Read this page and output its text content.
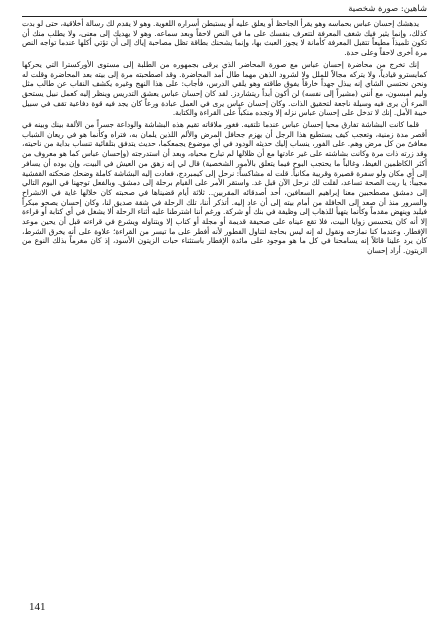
شاهين: صورة شخصية

يدهشك إحسان عباس بحماسه وهو يقرأ الجاحظ أو يعلق عليه أو يستبطن أسراره اللغوية. وهو لا يقدم لك رسالة أخلاقية، حتى لو بدت كذلك، وإنما يثير فيك شغف المعرفة لتتعرف بنفسك على ما في النص لاحقاً وبعد سماعه. وهو لا يهديك إلى معنى، ولا يطلب منك أن تكون تلميذاً مطيعاً تتقبل المعرفة كأمانة لا يجوز العبث بها، وإنما يشحنك بطاقة تظل مصاحبة إياك إلى أن تؤتي أكلها عندما تواجه النص مرة أخرى لاحقاً وعلى حدة.

إنك تخرج من محاضرة إحسان عباس مع صورة المحاضر الذي يرقى بجمهوره من الطلبة إلى مستوى الأوركسترا التي يحركها كمايسترو قيادياً، ولا يتركه مجالاً للملل ولا لشرود الذهن مهما طال أمد المحاضرة. وقد اصطحبته مرة إلى بيته بعد المحاضرة وقلت له ونحن نحتسي الشاي إنه يبذل جهداً خارقاً يفوق طاقته وهو يلقي الدرس، فأجاب: على هذا النهج وغيره يكشف النقاب عن طالب مثل وليم امبسون، مع أنني (مشيراً إلى نفسه) لن أكون أبداً ريتشاردز. لقد كان إحسان عباس يعشق التدريس وينظر إليه كعمل نبيل يستحق المرء أن يرى فيه وسيلة ناجعة لتحقيق الذات. وكان إحسان عباس يرى في العمل عبادة ورعاً كان يجد فيه قوة دفاعية تقف في سبيل خيبة الأمل. إنك لا تدخل على إحسان عباس نزله إلا وتجده منكباً على القراءة والكتابة.

قلما كانت البشاشة تفارق محيا إحسان عباس عندما تلتقيه. فغور ملاقاته تقيم هذه البشاشة والوداعة جسراً من الألفة بينك وبينه في أقصر مدة زمنية، وتعجب كيف يستطيع هذا الرجل أن يهزم جحافل المرض والألم اللذين يلمان به، فتراه وكأنما هو في ريعان الشباب معافىً من كل مرض وهم. على الفور، ينساب إليك حديثه الودود في أي موضوع يجمعكما، حديث يتدفق بتلقائية تنساب بداية من ناحيته، وقد زرته ذات مرة وكانت بشاشته على غير عادتها مع أن ظلالها لم تبارح محياه، وبعد أن استدرجته (وإحسان عباس كما هو معروف من أكثر الكاظمين الغيظ، وغالباً ما يحتجب البوح فيما يتعلق بالأمور الشخصية) قال لي إنه زهق من العيش في البيت، وإن بوده أن يسافر إلى أي مكان ولو سفرة قصيرة وقريبة مكانياً. قلت له مشاكساً: نرحل إلى كيمبردج، فعادت إليه البشاشة كاملة وضحك ضحكته القفشية مجيباً: يا ريت الصحة تساعد، لقلت لك نرحل الآن قبل غد. واستقر الأمر على القيام برحلة إلى دمشق. وبالفعل توجهنا في اليوم التالي إلى دمشق مصطحبين معنا إبراهيم السعافين، أحد أصدقائه المقربين.. ثلاثة أيام قضيناها في صحبته كان خلالها غاية في الانشراح والسرور منذ أن صعد إلى الحافلة من أمام بيته إلى أن عاد إليه. أتذكر أننا، تلك الرحلة في شقة صديق لنا، وكان إحسان يصحو مبكراً فيلبد وينهض مقدماً وكأنما يتهيأ للذهاب إلى وظيفة في بنك أو شركة. ورغم أننا اشترطنا عليه أثناء الرحلة ألا يشغل في أي كتابة أو قراءة إلا أنه كان يتحسس زوايا البيت، فلا تقع عيناه على صحيفة قديمة أو مجلة أو كتاب إلا ويتناوله ويشرع في قراءته قبل أن يحين موعد الإفطار. وعندما كنا نمازحه ونقول له إنه ليس بحاجة لتناول الفطور لأنه أفطر على ما تيسر من القراءة؛ علاوة على أنه يخرق الشرط، كان يرد علينا قائلاً إنه يسامحنا في كل ما هو موجود على مائدة الإفطار باستثناء حبات الزيتون الأسود، إذ كان مغرماً بذلك النوع من الزيتون. أراد إحسان

141
